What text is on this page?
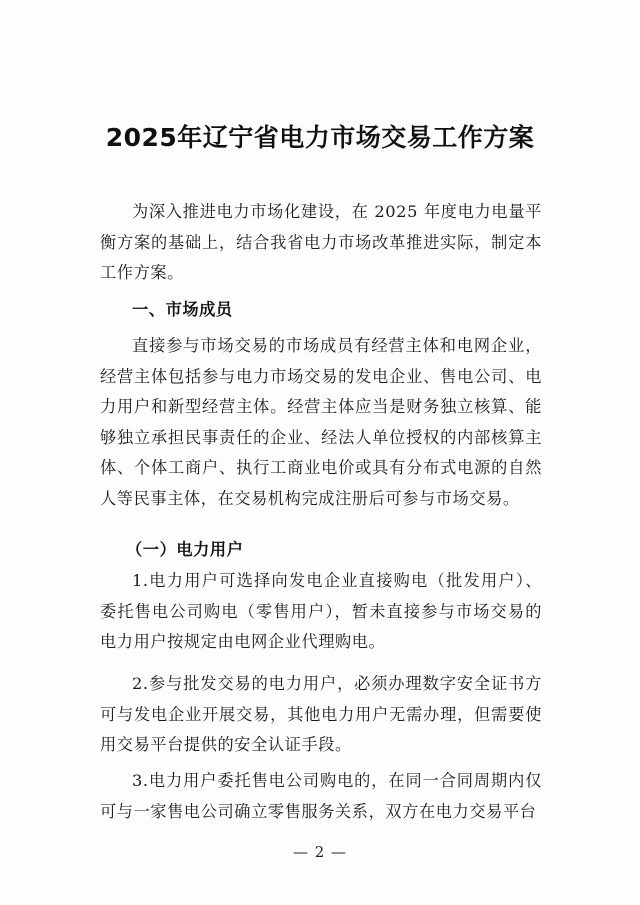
2025年辽宁省电力市场交易工作方案

为深入推进电力市场化建设，在 2025 年度电力电量平衡方案的基础上，结合我省电力市场改革推进实际，制定本工作方案。

一、市场成员

直接参与市场交易的市场成员有经营主体和电网企业，经营主体包括参与电力市场交易的发电企业、售电公司、电力用户和新型经营主体。经营主体应当是财务独立核算、能够独立承担民事责任的企业、经法人单位授权的内部核算主体、个体工商户、执行工商业电价或具有分布式电源的自然人等民事主体，在交易机构完成注册后可参与市场交易。

（一）电力用户

1.电力用户可选择向发电企业直接购电（批发用户）、委托售电公司购电（零售用户），暂未直接参与市场交易的电力用户按规定由电网企业代理购电。

2.参与批发交易的电力用户，必须办理数字安全证书方可与发电企业开展交易，其他电力用户无需办理，但需要使用交易平台提供的安全认证手段。

3.电力用户委托售电公司购电的，在同一合同周期内仅可与一家售电公司确立零售服务关系，双方在电力交易平台

— 2 —
